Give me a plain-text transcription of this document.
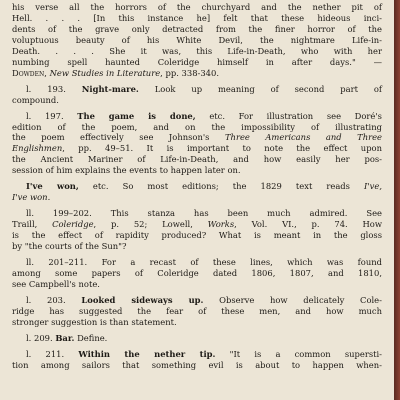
his verse all the horrors of the churchyard and the nether pit of
Hell. . . . [In this instance he] felt that these hideous inci-
dents of the grave only detracted from the finer horror of the
voluptuous beauty of his White Devil, the nightmare Life-in-
Death. . . . She it was, this Life-in-Death, who with her
numbing spell haunted Coleridge himself in after days." —
Dowden, New Studies in Literature, pp. 338-340.
l. 193. Night-mare. Look up meaning of second part of
compound.
l. 197. The game is done, etc. For illustration see Doré's
edition of the poem, and on the impossibility of illustrating
the poem effectively see Johnson's Three Americans and Three
Englishmen, pp. 49–51. It is important to note the effect upon
the Ancient Mariner of Life-in-Death, and how easily her pos-
session of him explains the events to happen later on.
I've won, etc. So most editions; the 1829 text reads I've,
I've won.
ll. 199–202. This stanza has been much admired. See
Traill, Coleridge, p. 52; Lowell, Works, Vol. VI., p. 74. How
is the effect of rapidity produced? What is meant in the gloss
by "the courts of the Sun"?
ll. 201–211. For a recast of these lines, which was found
among some papers of Coleridge dated 1806, 1807, and 1810,
see Campbell's note.
l. 203. Looked sideways up. Observe how delicately Cole-
ridge has suggested the fear of these men, and how much
stronger suggestion is than statement.
l. 209. Bar. Define.
l. 211. Within the nether tip. "It is a common supersti-
tion among sailors that something evil is about to happen when-
